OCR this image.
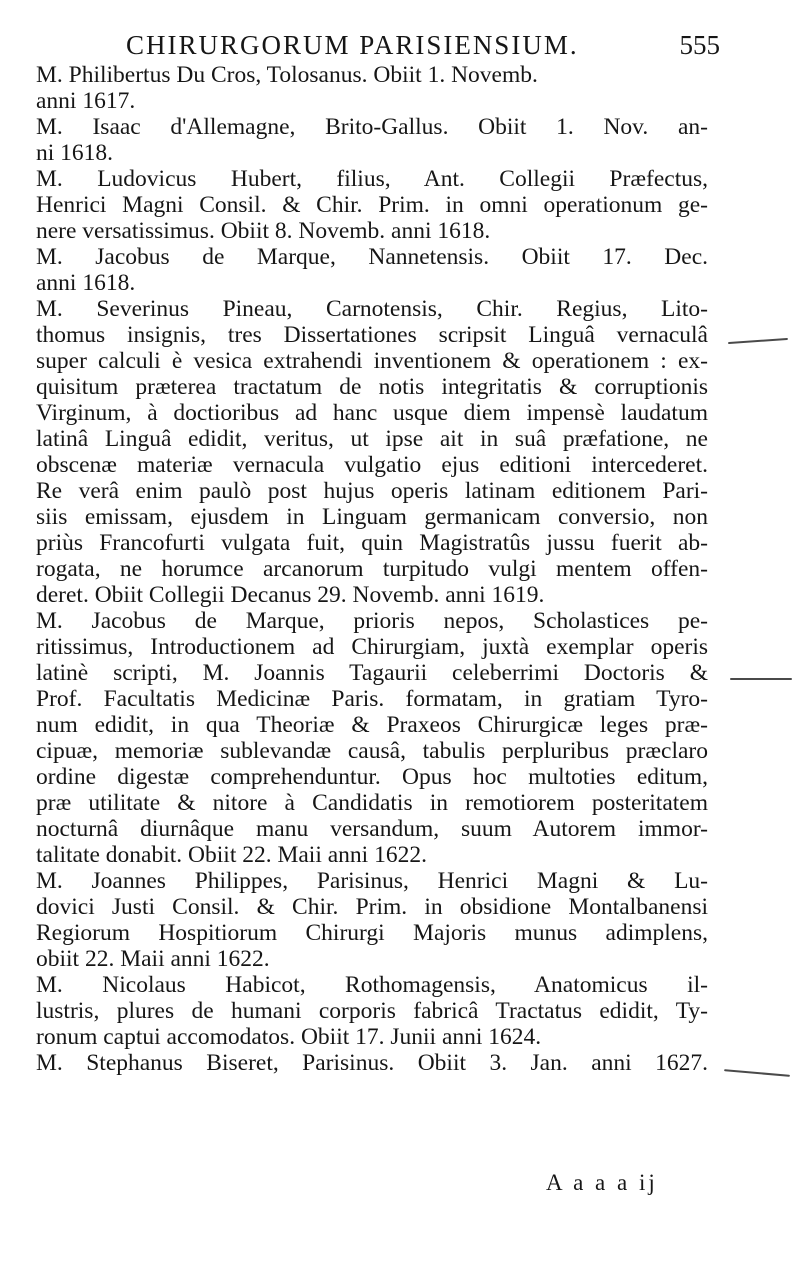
CHIRURGORUM PARISIENSIUM.	555
M. Philibertus Du Cros, Tolosanus. Obiit 1. Novemb.
anni 1617.
M. Isaac d'Allemagne, Brito-Gallus. Obiit 1. Nov. an-
ni 1618.
M. Ludovicus Hubert, filius, Ant. Collegii Præfectus,
Henrici Magni Consil. & Chir. Prim. in omni operationum ge-
nere versatissimus. Obiit 8. Novemb. anni 1618.
M. Jacobus de Marque, Nannetensis. Obiit 17. Dec.
anni 1618.
M. Severinus Pineau, Carnotensis, Chir. Regius, Lito-
thomus insignis, tres Dissertationes scripsit Linguâ vernaculâ
super calculi è vesica extrahendi inventionem & operationem : ex-
quisitum præterea tractatum de notis integritatis & corruptionis
Virginum, à doctioribus ad hanc usque diem impensè laudatum
latinâ Linguâ edidit, veritus, ut ipse ait in suâ præfatione, ne
obscenæ materiæ vernacula vulgatio ejus editioni intercederet.
Re verâ enim paulò post hujus operis latinam editionem Pari-
siis emissam, ejusdem in Linguam germanicam conversio, non
priùs Francofurti vulgata fuit, quin Magistratûs jussu fuerit ab-
rogata, ne horumce arcanorum turpitudo vulgi mentem offen-
deret. Obiit Collegii Decanus 29. Novemb. anni 1619.
M. Jacobus de Marque, prioris nepos, Scholastices pe-
ritissimus, Introductionem ad Chirurgiam, juxtà exemplar operis
latinè scripti, M. Joannis Tagaurii celeberrimi Doctoris &
Prof. Facultatis Medicinæ Paris. formatam, in gratiam Tyro-
num edidit, in qua Theoriæ & Praxeos Chirurgicæ leges præ-
cipuæ, memoriæ sublevandæ causâ, tabulis perpluribus præclaro
ordine digestæ comprehenduntur. Opus hoc multoties editum,
præ utilitate & nitore à Candidatis in remotiorem posteritatem
nocturnâ diurnâque manu versandum, suum Autorem immor-
talitate donabit. Obiit 22. Maii anni 1622.
M. Joannes Philippes, Parisinus, Henrici Magni & Lu-
dovici Justi Consil. & Chir. Prim. in obsidione Montalbanensi
Regiorum Hospitiorum Chirurgi Majoris munus adimplens,
obiit 22. Maii anni 1622.
M. Nicolaus Habicot, Rothomagensis, Anatomicus il-
lustris, plures de humani corporis fabricâ Tractatus edidit, Ty-
ronum captui accomodatos. Obiit 17. Junii anni 1624.
M. Stephanus Biseret, Parisinus. Obiit 3. Jan. anni 1627.
A a a a ij
